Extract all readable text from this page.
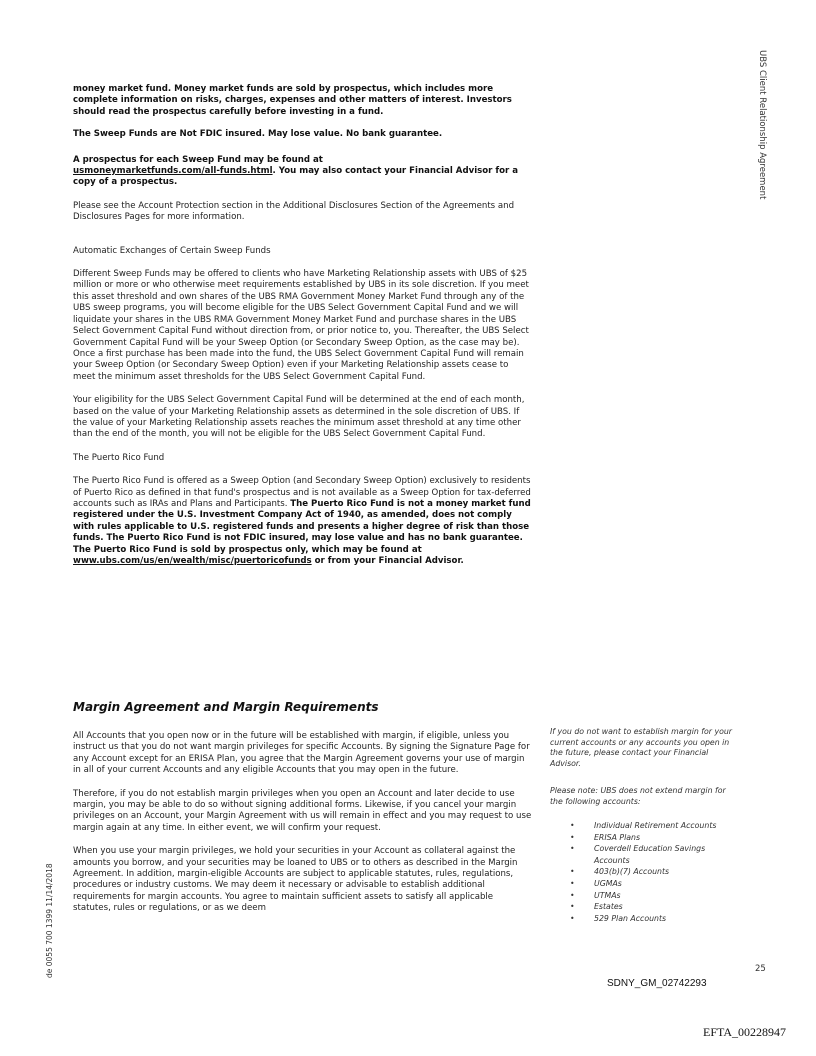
UBS Client Relationship Agreement
de 0055 700 1399 11/14/2018

money market fund. Money market funds are sold by prospectus, which includes more complete information on risks, charges, expenses and other matters of interest. Investors should read the prospectus carefully before investing in a fund.

The Sweep Funds are Not FDIC insured. May lose value. No bank guarantee.

A prospectus for each Sweep Fund may be found at
usmoneymarketfunds.com/all-funds.html. You may also contact your Financial Advisor for a copy of a prospectus.

Please see the Account Protection section in the Additional Disclosures Section of the Agreements and Disclosures Pages for more information.

Automatic Exchanges of Certain Sweep Funds

Different Sweep Funds may be offered to clients who have Marketing Relationship assets with UBS of $25 million or more or who otherwise meet requirements established by UBS in its sole discretion. If you meet this asset threshold and own shares of the UBS RMA Government Money Market Fund through any of the UBS sweep programs, you will become eligible for the UBS Select Government Capital Fund and we will liquidate your shares in the UBS RMA Government Money Market Fund and purchase shares in the UBS Select Government Capital Fund without direction from, or prior notice to, you. Thereafter, the UBS Select Government Capital Fund will be your Sweep Option (or Secondary Sweep Option, as the case may be). Once a first purchase has been made into the fund, the UBS Select Government Capital Fund will remain your Sweep Option (or Secondary Sweep Option) even if your Marketing Relationship assets cease to meet the minimum asset thresholds for the UBS Select Government Capital Fund.

Your eligibility for the UBS Select Government Capital Fund will be determined at the end of each month, based on the value of your Marketing Relationship assets as determined in the sole discretion of UBS. If the value of your Marketing Relationship assets reaches the minimum asset threshold at any time other than the end of the month, you will not be eligible for the UBS Select Government Capital Fund.

The Puerto Rico Fund

The Puerto Rico Fund is offered as a Sweep Option (and Secondary Sweep Option) exclusively to residents of Puerto Rico as defined in that fund's prospectus and is not available as a Sweep Option for tax-deferred accounts such as IRAs and Plans and Participants. The Puerto Rico Fund is not a money market fund registered under the U.S. Investment Company Act of 1940, as amended, does not comply with rules applicable to U.S. registered funds and presents a higher degree of risk than those funds. The Puerto Rico Fund is not FDIC insured, may lose value and has no bank guarantee. The Puerto Rico Fund is sold by prospectus only, which may be found at
www.ubs.com/us/en/wealth/misc/puertoricofunds or from your Financial Advisor.

Margin Agreement and Margin Requirements

All Accounts that you open now or in the future will be established with margin, if eligible, unless you instruct us that you do not want margin privileges for specific Accounts. By signing the Signature Page for any Account except for an ERISA Plan, you agree that the Margin Agreement governs your use of margin in all of your current Accounts and any eligible Accounts that you may open in the future.

Therefore, if you do not establish margin privileges when you open an Account and later decide to use margin, you may be able to do so without signing additional forms. Likewise, if you cancel your margin privileges on an Account, your Margin Agreement with us will remain in effect and you may request to use margin again at any time. In either event, we will confirm your request.

When you use your margin privileges, we hold your securities in your Account as collateral against the amounts you borrow, and your securities may be loaned to UBS or to others as described in the Margin Agreement. In addition, margin-eligible Accounts are subject to applicable statutes, rules, regulations, procedures or industry customs. We may deem it necessary or advisable to establish additional requirements for margin accounts. You agree to maintain sufficient assets to satisfy all applicable statutes, rules or regulations, or as we deem

If you do not want to establish margin for your current accounts or any accounts you open in the future, please contact your Financial Advisor.
Please note: UBS does not extend margin for the following accounts:
• Individual Retirement Accounts
• ERISA Plans
• Coverdell Education Savings Accounts
• 403(b)(7) Accounts
• UGMAs
• UTMAs
• Estates
• 529 Plan Accounts
25
SDNY_GM_02742293
EFTA_00228947
